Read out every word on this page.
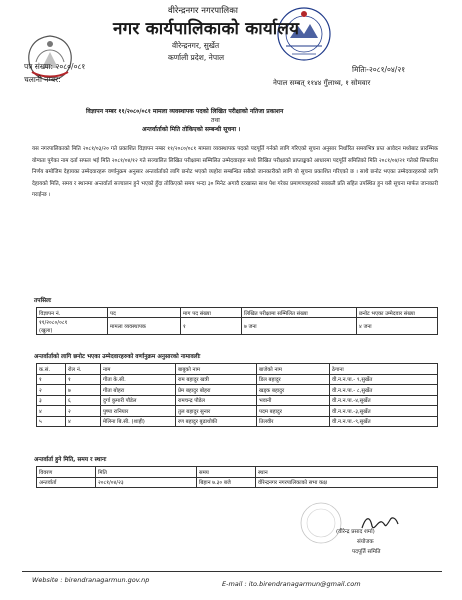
वीरेन्द्रनगर नगरपालिका
नगर कार्यपालिकाको कार्यालय
वीरेन्द्रनगर, सुर्खेत
कर्णाली प्रदेश, नेपाल
पत्र संख्या: २०८०/०८१
चलानी नम्बर:
मितिः-२०८१/०४/२१
नेपाल सम्बत् ११४४ गुँलाथ्व, १ सोमवार
विज्ञापन नम्बर ११/२०८०/०८१ मामला व्यवस्थापक पदको लिखित परीक्षाको नतिजा प्रकाशन
तथा
अन्तर्वार्ताको मिति तोकिएको सम्बन्धी सूचना ।
यस नगरपालिकाको मिति २०८१/०३/२० गते प्रकाशित विज्ञापन नम्बर ११/२०८०/०८१ मामला व्यवस्थापक पदको पदपूर्ति गर्नको लागि गरिएको सूचना अनुसार निर्धारित समयभित्र प्रप्त आवेदन मध्येबाट प्रारम्भिक योग्यता पुगेका नाम दर्ता सफल भई मिति २०८१/०४/१२ गते सञ्चालित लिखित परीक्षामा सम्मिलित उम्मेदवारहरु मध्ये लिखित परीक्षाको प्राप्ताङ्कको आधारमा पदपूर्ति समितिको मिति २०८१/०४/२१ गतेको सिफारिस निर्णय बमोजिम देहायका उम्मेदवारहरू वर्णानुक्रम अनुसार अन्तर्वार्ताको लागि छनोट भएको व्यहोरा सम्बन्धित सबैको जानकारीको लागि यो सूचना प्रकाशित गरिएको छ । साथै छनोट भएका उम्मेदवारहरुको लागि देहायको मिति, समय र स्थानमा अन्तर्वार्ता सञ्चालन हुने भएको हुँदा तोकिएको समय भन्दा ३० मिनेट अगावै दरखास्त साथ पेश गरेका प्रमाणपत्रहरुको सक्कलै प्रति सहित उपस्थित हुन यसै सूचना मार्फत जानकारी गराईन्छ ।
तपसिलः
विज्ञापन नं.	पद	माग पद संख्या	लिखित परीक्षामा सम्मिलित संख्या	छनोट भएका उम्मेदवार संख्या
११/२०८०/०८१
(खुला)	मामला व्यवस्थापक	१	७ जना	४ जना
अन्तर्वार्ताको लागि छनोट भएका उम्मेदवारहरुको वर्णानुक्रम अनुसारको नामावलीः
क.सं.	रोल नं.	नाम	बाबुको नाम	बाजेको नाम	ठेगाना
१	१	गीता के.सी.	राम बहादुर खत्री	डिल बहादुर	वी.न.न.पा.- ९,सुर्खेत
२	७	गीता बोहरा	प्रेम बहादुर बोहरा	खड्क बहादुर	वी.न.न.पा.- ८,सुर्खेत
३	६	दुर्गा कुमारी पौडेल	रामचन्द्र पौडेल	भवानी	वी.न.न.पा.-४,सुर्खेत
४	२	पुष्पा रानियार	तुल बहादुर सुनार	पदम बहादुर	वी.न.न.पा.-३,सुर्खेत
५	४	मेलिना बि.सी. (शाही)	रण बहादुर बुढाथोकी	तिलवीर	वी.न.न.पा.-९,सुर्खेत
अन्तर्वार्ता हुने मिति, समय र स्थानः
विवरण	मिति	समय	स्थान
अन्तर्वार्ता	२०८१/०४/२३	बिहान ७.३० बजे	वीरेन्द्रनगर नगरपालिकाको सभा कक्ष
(वीरेन्द्र प्रसाद शर्मा)
संयोजक
पदपूर्ति समिति
Website : birendranagarmun.gov.np	E-mail : ito.birendranagarmun@gmail.com
